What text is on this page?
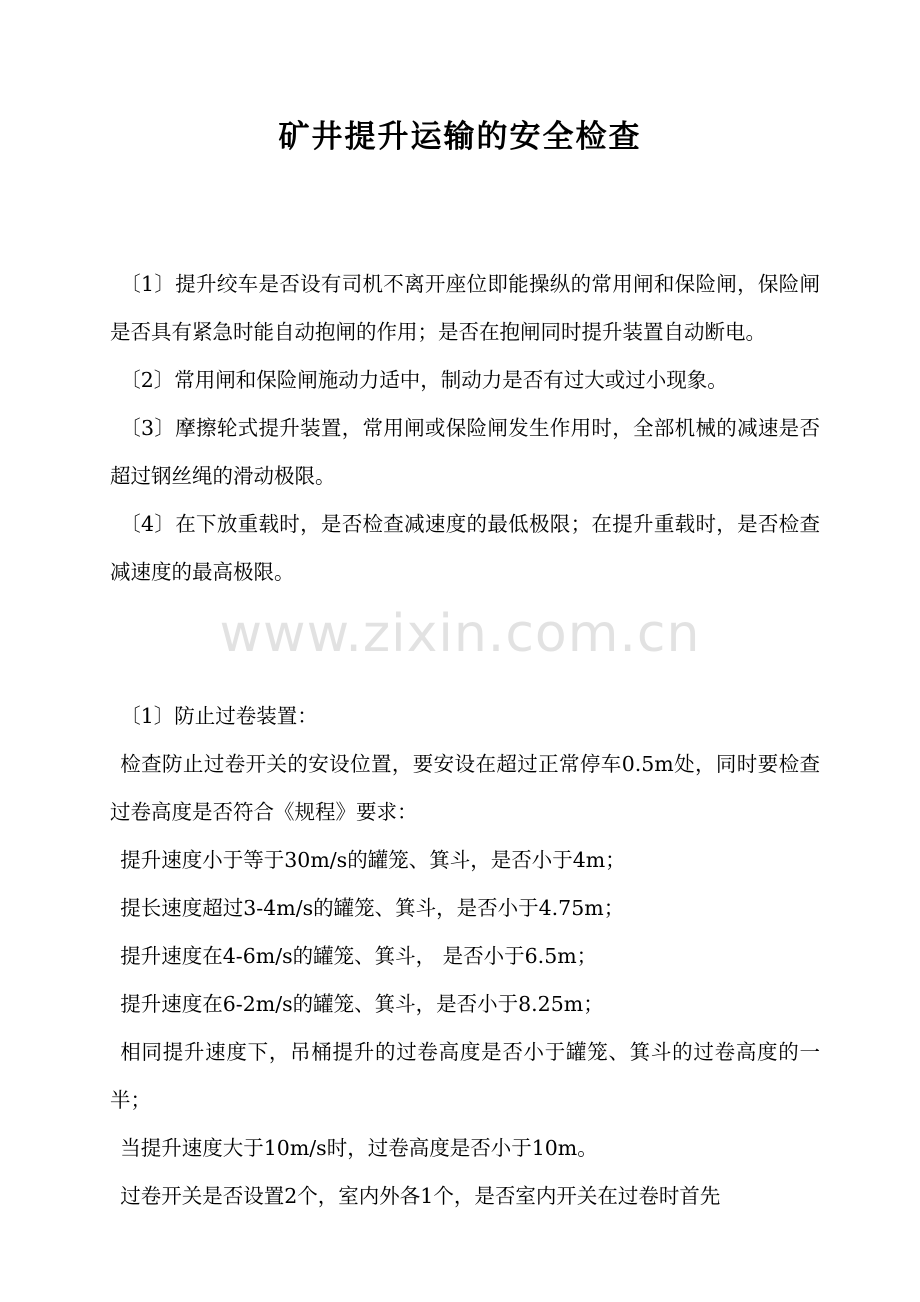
www.zixin.com.cn
矿井提升运输的安全检查

〔1〕提升绞车是否设有司机不离开座位即能操纵的常用闸和保险闸，保险闸是否具有紧急时能自动抱闸的作用；是否在抱闸同时提升装置自动断电。

〔2〕常用闸和保险闸施动力适中，制动力是否有过大或过小现象。

〔3〕摩擦轮式提升装置，常用闸或保险闸发生作用时，全部机械的减速是否超过钢丝绳的滑动极限。

〔4〕在下放重载时，是否检查减速度的最低极限；在提升重载时，是否检查减速度的最高极限。

〔1〕防止过卷装置：

检查防止过卷开关的安设位置，要安设在超过正常停车0.5m处，同时要检查过卷高度是否符合《规程》要求：

提升速度小于等于30m/s的罐笼、箕斗，是否小于4m；

提长速度超过3-4m/s的罐笼、箕斗，是否小于4.75m；

提升速度在4-6m/s的罐笼、箕斗， 是否小于6.5m；

提升速度在6-2m/s的罐笼、箕斗，是否小于8.25m；

相同提升速度下，吊桶提升的过卷高度是否小于罐笼、箕斗的过卷高度的一半；

当提升速度大于10m/s时，过卷高度是否小于10m。

过卷开关是否设置2个，室内外各1个，是否室内开关在过卷时首先
